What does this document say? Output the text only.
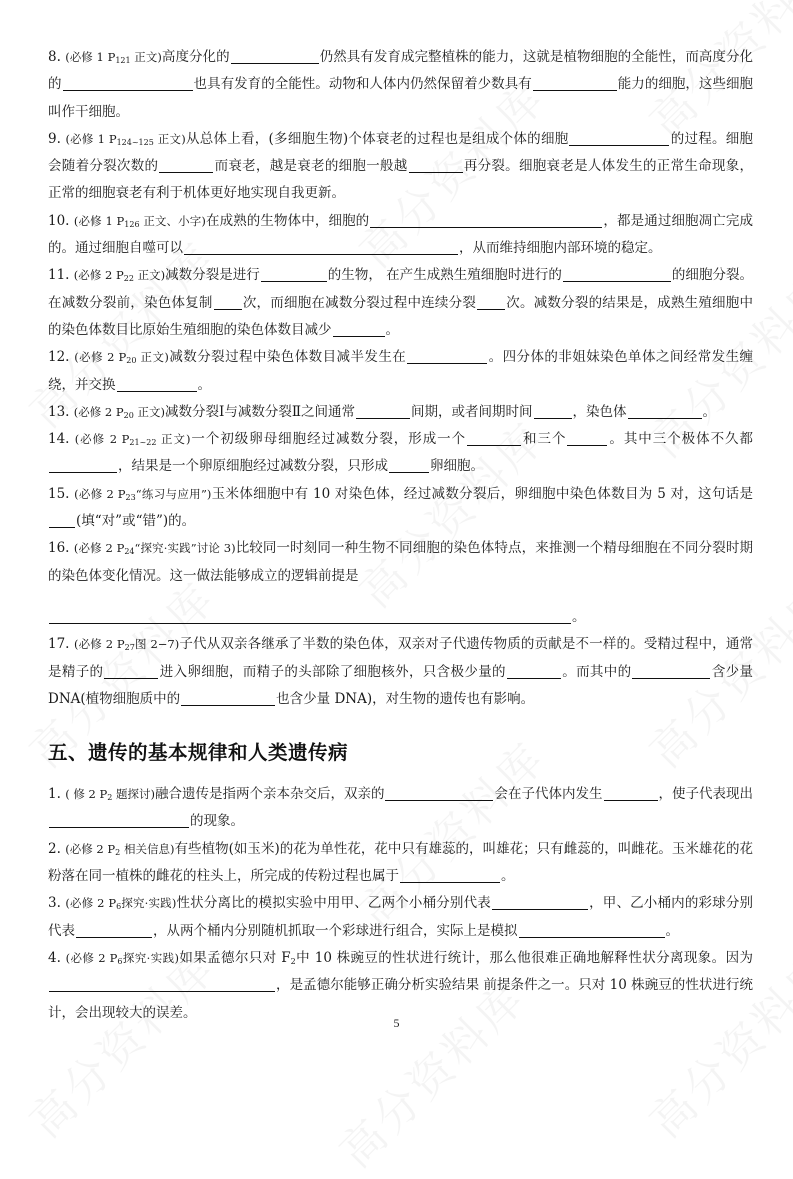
8. (必修 1 $P_{121}$ 正文)高度分化的	仍然具有发育成完整植株的能力，这就是植物细胞的全能性，而高度分化的	也具有发育的全能性。动物和人体内仍然保留着少数具有	能力的细胞，这些细胞叫作干细胞。

9. (必修 1 $P_{124\sim 125}$ 正文)从总体上看，(多细胞生物)个体衰老的过程也是组成个体的细胞	的过程。细胞会随着分裂次数的	而衰老，越是衰老的细胞一般越	再分裂。细胞衰老是人体发生的正常生命现象，正常的细胞衰老有利于机体更好地实现自我更新。

10. (必修 1 $P_{126}$ 正文、小字)在成熟的生物体中，细胞的	，都是通过细胞凋亡完成的。通过细胞自噬可以	，从而维持细胞内部环境的稳定。

11. (必修 2 $P_{22}$ 正文)减数分裂是进行	的生物， 在产生成熟生殖细胞时进行的	的细胞分裂。在减数分裂前，染色体复制 次，而细胞在减数分裂过程中连续分裂 次。减数分裂的结果是，成熟生殖细胞中的染色体数目比原始生殖细胞的染色体数目减少	。

12. (必修 2 $P_{20}$ 正文)减数分裂过程中染色体数目减半发生在	。四分体的非姐妹染色单体之间经常发生缠绕，并交换	。

13. (必修 2 $P_{20}$ 正文)减数分裂Ⅰ与减数分裂Ⅱ之间通常	间期，或者间期时间	，染色体	。

14. (必修 2 $P_{21\sim 22}$ 正文)一个初级卵母细胞经过减数分裂，形成一个	和三个	。其中三个极体不久都，结果是一个卵原细胞经过减数分裂，只形成	卵细胞。

15. (必修 2 $P_{23}“$练习与应用”)玉米体细胞中有 10 对染色体，经过减数分裂后，卵细胞中染色体数目为 5 对，这句话是(填“对”或“错”)的。

16. (必修 2 $P_{24}“$探究·实践”讨论 3)比较同一时刻同一种生物不同细胞的染色体特点，来推测一个精母细胞在不同分裂时期的染色体变化情况。这一做法能够成立的逻辑前提是
。

17. (必修 2 $P_{27}$图 2−7)子代从双亲各继承了半数的染色体，双亲对子代遗传物质的贡献是不一样的。受精过程中，通常是精子的	进入卵细胞，而精子的头部除了细胞核外，只含极少量的	。而其中的	含少量 DNA(植物细胞质中的	也含少量 DNA)，对生物的遗传也有影响。

五、遗传的基本规律和人类遗传病

1. ( 修 2 $P_2$ 题探讨)融合遗传是指两个亲本杂交后，双亲的	会在子代体内发生	，使子代表现出的现象。

2. (必修 2 $P_2$ 相关信息)有些植物(如玉米)的花为单性花，花中只有雄蕊的，叫雄花；只有雌蕊的，叫雌花。玉米雄花的花粉落在同一植株的雌花的柱头上，所完成的传粉过程也属于	。

3. (必修 2 $P_6$探究·实践)性状分离比的模拟实验中用甲、乙两个小桶分别代表	，甲、乙小桶内的彩球分别代表	，从两个桶内分别随机抓取一个彩球进行组合，实际上是模拟	。

4. (必修 2 $P_6$探究·实践)如果孟德尔只对 $F_2$中 10 株豌豆的性状进行统计，那么他很难正确地解释性状分离现象。因为，是孟德尔能够正确分析实验结果 前提条件之一。只对 10 株豌豆的性状进行统计，会出现较大的误差。

5
